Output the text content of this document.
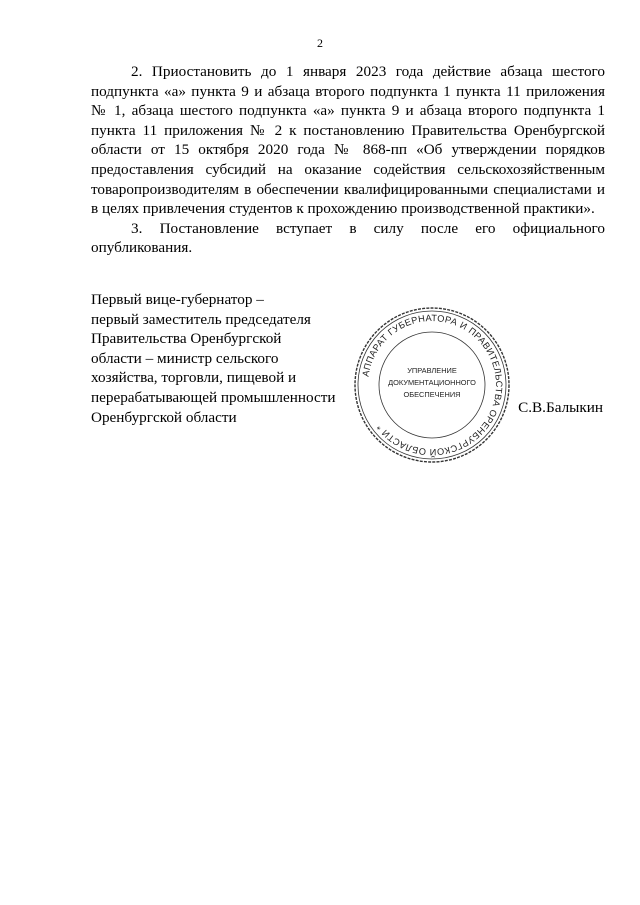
2

2. Приостановить до 1 января 2023 года действие абзаца шестого подпункта «а» пункта 9 и абзаца второго подпункта 1 пункта 11 приложения № 1, абзаца шестого подпункта «а» пункта 9 и абзаца второго подпункта 1 пункта 11 приложения № 2 к постановлению Правительства Оренбургской области от 15 октября 2020 года № 868-пп «Об утверждении порядков предоставления субсидий на оказание содействия сельскохозяйственным товаропроизводителям в обеспечении квалифицированными специалистами и в целях привлечения студентов к прохождению производственной практики».

3. Постановление вступает в силу после его официального опубликования.

Первый вице-губернатор –
первый заместитель председателя
Правительства Оренбургской
области – министр сельского
хозяйства, торговли, пищевой и
перерабатывающей промышленности
Оренбургской области
С.В.Балыкин
АППАРАТ ГУБЕРНАТОРА И ПРАВИТЕЛЬСТВА ОРЕНБУРГСКОЙ ОБЛАСТИ *
УПРАВЛЕНИЕ
ДОКУМЕНТАЦИОННОГО
ОБЕСПЕЧЕНИЯ
